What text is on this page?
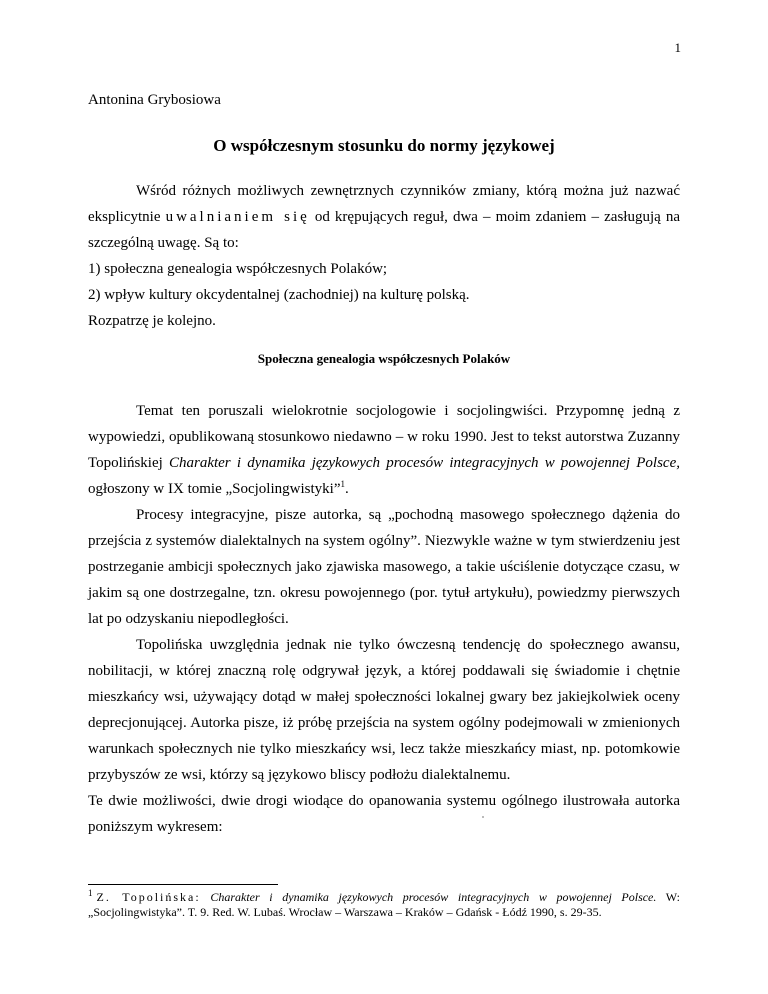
1
Antonina Grybosiowa
O współczesnym stosunku do normy językowej

Wśród różnych możliwych zewnętrznych czynników zmiany, którą można już nazwać eksplicytnie uwalnianiem się od krępujących reguł, dwa – moim zdaniem – zasługują na szczególną uwagę. Są to:

1) społeczna genealogia współczesnych Polaków;

2) wpływ kultury okcydentalnej (zachodniej) na kulturę polską.

Rozpatrzę je kolejno.

Społeczna genealogia współczesnych Polaków

Temat ten poruszali wielokrotnie socjologowie i socjolingwiści. Przypomnę jedną z wypowiedzi, opublikowaną stosunkowo niedawno – w roku 1990. Jest to tekst autorstwa Zuzanny Topolińskiej Charakter i dynamika językowych procesów integracyjnych w powojennej Polsce, ogłoszony w IX tomie „Socjolingwistyki”$^1$.

Procesy integracyjne, pisze autorka, są „pochodną masowego społecznego dążenia do przejścia z systemów dialektalnych na system ogólny”. Niezwykle ważne w tym stwierdzeniu jest postrzeganie ambicji społecznych jako zjawiska masowego, a takie uściślenie dotyczące czasu, w jakim są one dostrzegalne, tzn. okresu powojennego (por. tytuł artykułu), powiedzmy pierwszych lat po odzyskaniu niepodległości.

Topolińska uwzględnia jednak nie tylko ówczesną tendencję do społecznego awansu, nobilitacji, w której znaczną rolę odgrywał język, a której poddawali się świadomie i chętnie mieszkańcy wsi, używający dotąd w małej społeczności lokalnej gwary bez jakiejkolwiek oceny deprecjonującej. Autorka pisze, iż próbę przejścia na system ogólny podejmowali w zmienionych warunkach społecznych nie tylko mieszkańcy wsi, lecz także mieszkańcy miast, np. potomkowie przybyszów ze wsi, którzy są językowo bliscy podłożu dialektalnemu.

Te dwie możliwości, dwie drogi wiodące do opanowania systemu ogólnego ilustrowała autorka poniższym wykresem:

$^1$ Z. Topolińska: Charakter i dynamika językowych procesów integracyjnych w powojennej Polsce. W: „Socjolingwistyka”. T. 9. Red. W. Lubaś. Wrocław – Warszawa – Kraków – Gdańsk - Łódź 1990, s. 29-35.
